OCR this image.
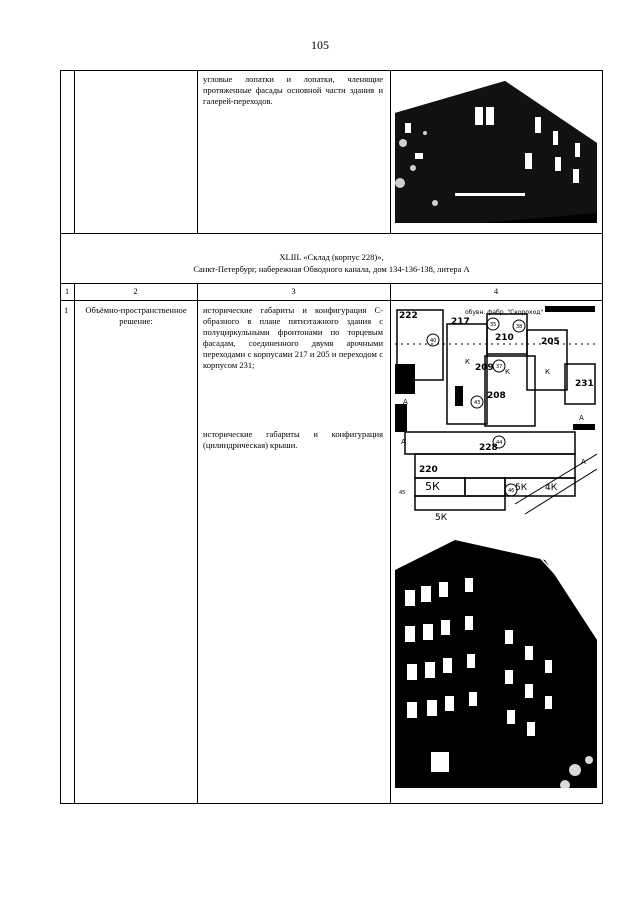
105
угловые лопатки и лопатки, членящие протяженные фасады основной части здания и галерей-переходов.
XLIII. «Склад (корпус 228)»,
Санкт-Петербург, набережная Обводного канала, дом 134-136-138, литера А
1	2	3	4
1	Объёмно-пространственное решение:
исторические габариты и конфигурация С-образного в плане пятиэтажного здания с полуциркульными фронтонами по торцевым фасадам, соединенного двумя арочными переходами с корпусами 217 и 205 и переходом с корпусом 231;
исторические габариты и конфигурация (цилиндрическая) крыши.
222
217
210	205
208
209
231
228
220
5К	5К 4К
5К
К
К
К
40
35
37
38
43
44
45	46
А
А
А
А
обувн. фабр. "Скороход"
